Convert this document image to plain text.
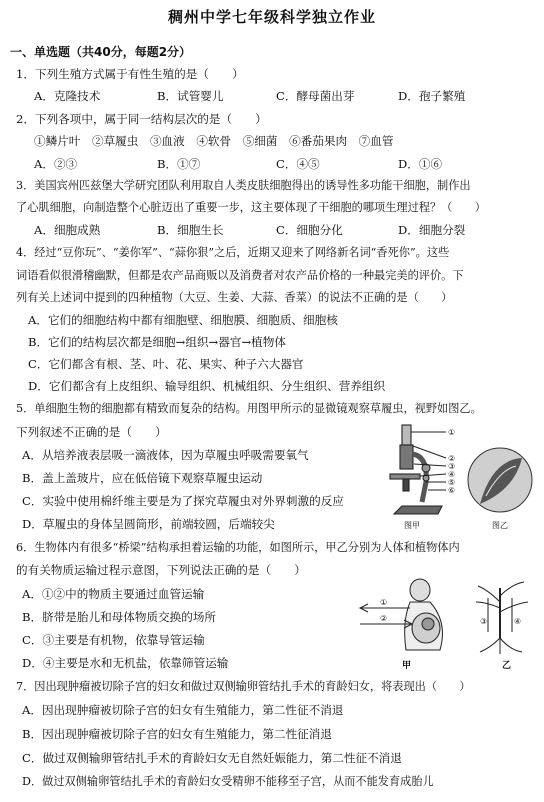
稠州中学七年级科学独立作业
一、单选题（共40分，每题2分）
1．下列生殖方式属于有性生殖的是（　　）
A．克隆技术	B．试管婴儿	C．酵母菌出芽	D．孢子繁殖
2．下列各项中，属于同一结构层次的是（　　）
①鳞片叶　②草履虫　③血液　④软骨　⑤细菌　⑥番茄果肉　⑦血管
A．②③	B．①⑦	C．④⑤	D．①⑥
3．美国宾州匹兹堡大学研究团队利用取自人类皮肤细胞得出的诱导性多功能干细胞，制作出
了心肌细胞，向制造整个心脏迈出了重要一步，这主要体现了干细胞的哪项生理过程？（　　）
A．细胞成熟	B．细胞生长	C．细胞分化	D．细胞分裂
4．经过“豆你玩”、“姜你军”、“蒜你狠”之后，近期又迎来了网络新名词“香死你”。这些
词语看似很滑稽幽默，但都是农产品商贩以及消费者对农产品价格的一种最完美的评价。下
列有关上述词中提到的四种植物（大豆、生姜、大蒜、香菜）的说法不正确的是（　　）
A．它们的细胞结构中都有细胞壁、细胞膜、细胞质、细胞核
B．它们的结构层次都是细胞→组织→器官→植物体
C．它们都含有根、茎、叶、花、果实、种子六大器官
D．它们都含有上皮组织、输导组织、机械组织、分生组织、营养组织
5．单细胞生物的细胞都有精致而复杂的结构。用图甲所示的显微镜观察草履虫，视野如图乙。
下列叙述不正确的是（　　）
A．从培养液表层吸一滴液体，因为草履虫呼吸需要氧气
B．盖上盖玻片，应在低倍镜下观察草履虫运动
C．实验中使用棉纤维主要是为了探究草履虫对外界刺激的反应
D．草履虫的身体呈圆筒形，前端较圆，后端较尖
①
②
③
④
⑤
⑥
图甲	图乙
6．生物体内有很多“桥梁”结构承担着运输的功能，如图所示，甲乙分别为人体和植物体内
的有关物质运输过程示意图，下列说法正确的是（　　）
A．①②中的物质主要通过血管运输
B．脐带是胎儿和母体物质交换的场所
C．③主要是有机物，依靠导管运输
D．④主要是水和无机盐，依靠筛管运输
①
②	③	④
甲	乙
7．因出现肿瘤被切除子宫的妇女和做过双侧输卵管结扎手术的育龄妇女，将表现出（　　）
A．因出现肿瘤被切除子宫的妇女有生殖能力，第二性征不消退
B．因出现肿瘤被切除子宫的妇女有生殖能力，第二性征消退
C．做过双侧输卵管结扎手术的育龄妇女无自然妊娠能力，第二性征不消退
D．做过双侧输卵管结扎手术的育龄妇女受精卵不能移至子宫，从而不能发育成胎儿
